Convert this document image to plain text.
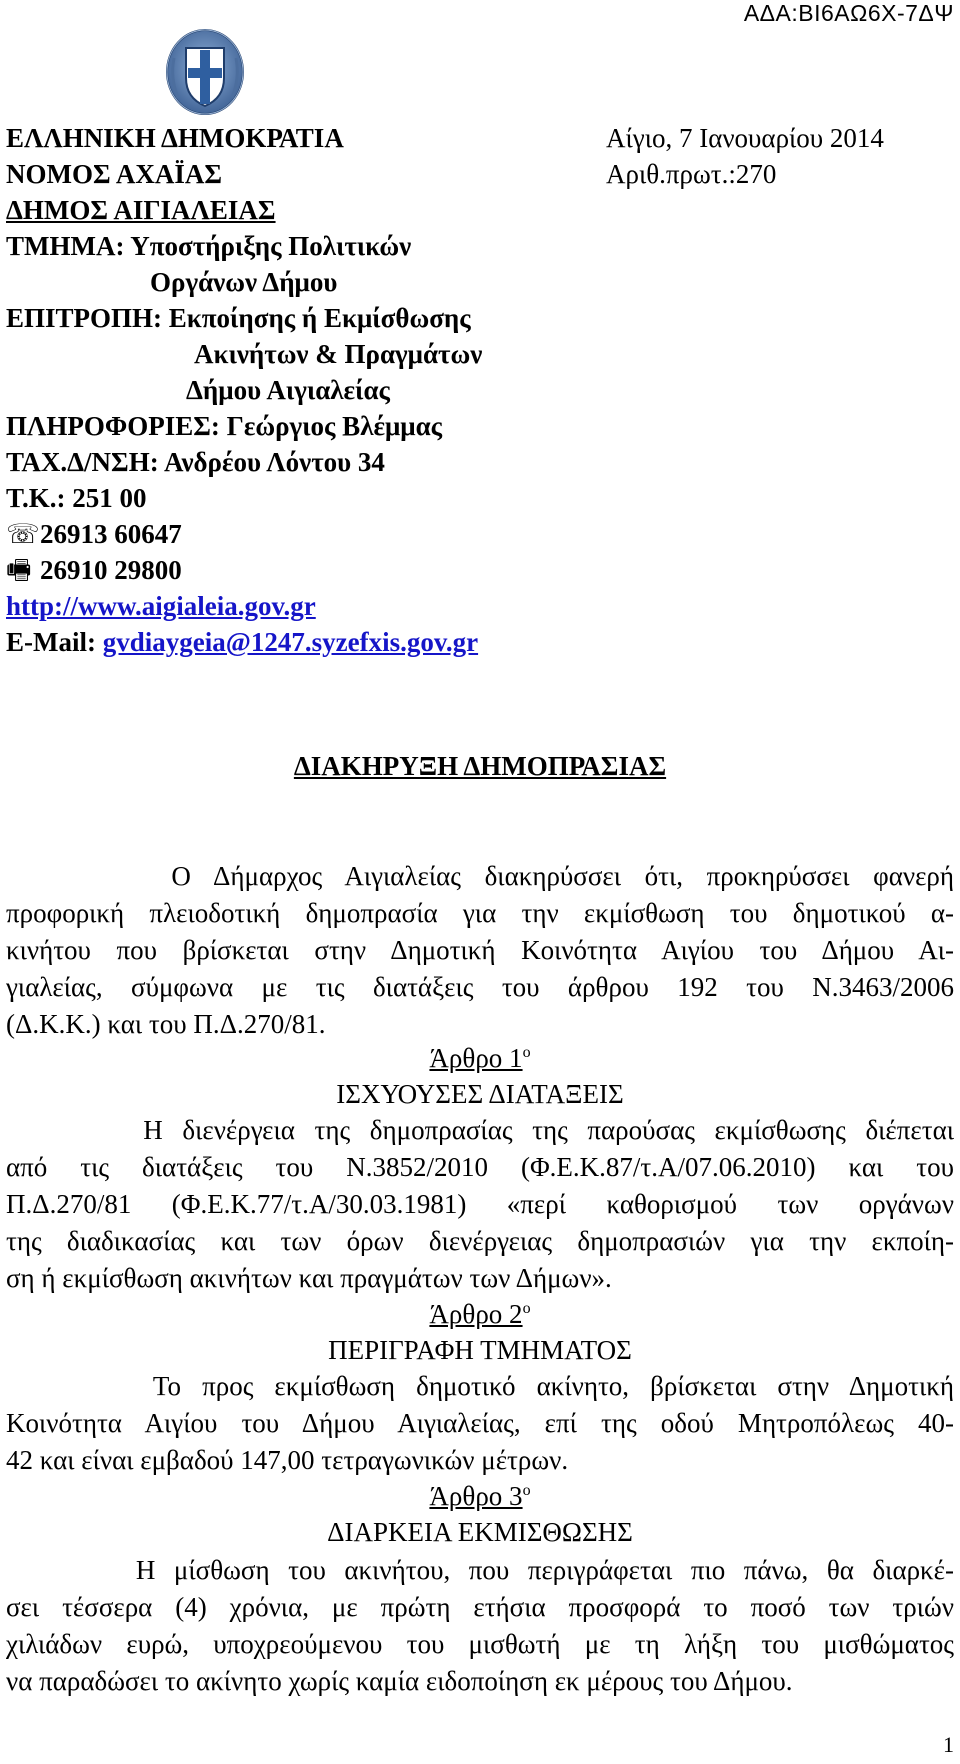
ΑΔΑ:ΒΙ6ΑΩ6Χ-7ΔΨ
ΕΛΛΗΝΙΚΗ ΔΗΜΟΚΡΑΤΙΑ
ΝΟΜΟΣ ΑΧΑΪΑΣ
ΔΗΜΟΣ ΑΙΓΙΑΛΕΙΑΣ
ΤΜΗΜΑ: Υποστήριξης Πολιτικών
Οργάνων Δήμου
ΕΠΙΤΡΟΠΗ: Εκποίησης ή Εκμίσθωσης
Ακινήτων & Πραγμάτων
Δήμου Αιγιαλείας
ΠΛΗΡΟΦΟΡΙΕΣ: Γεώργιος Βλέμμας
ΤΑΧ.Δ/ΝΣΗ: Ανδρέου Λόντου 34
Τ.Κ.: 251 00
☏26913 60647
🖷 26910 29800
http://www.aigialeia.gov.gr
E-Mail: gvdiaygeia@1247.syzefxis.gov.gr
Αίγιο, 7 Ιανουαρίου 2014
Αριθ.πρωτ.:270
ΔΙΑΚΗΡΥΞΗ ΔΗΜΟΠΡΑΣΙΑΣ
Ο Δήμαρχος Αιγιαλείας διακηρύσσει ότι, προκηρύσσει φανερή
προφορική πλειοδοτική δημοπρασία για την εκμίσθωση του δημοτικού α-
κινήτου που βρίσκεται στην Δημοτική Κοινότητα Αιγίου του Δήμου Αι-
γιαλείας, σύμφωνα με τις διατάξεις του άρθρου 192 του Ν.3463/2006
(Δ.Κ.Κ.) και του Π.Δ.270/81.
Άρθρο $1^o$
ΙΣΧΥΟΥΣΕΣ ΔΙΑΤΑΞΕΙΣ
Η διενέργεια της δημοπρασίας της παρούσας εκμίσθωσης διέπεται
από τις διατάξεις του Ν.3852/2010 (Φ.Ε.Κ.87/τ.Α/07.06.2010) και του
Π.Δ.270/81 (Φ.Ε.Κ.77/τ.Α/30.03.1981) «περί καθορισμού των οργάνων
της διαδικασίας και των όρων διενέργειας δημοπρασιών για την εκποίη-
ση ή εκμίσθωση ακινήτων και πραγμάτων των Δήμων».
Άρθρο $2^o$
ΠΕΡΙΓΡΑΦΗ ΤΜΗΜΑΤΟΣ
Το προς εκμίσθωση δημοτικό ακίνητο, βρίσκεται στην Δημοτική
Κοινότητα Αιγίου του Δήμου Αιγιαλείας, επί της οδού Μητροπόλεως 40-
42 και είναι εμβαδού 147,00 τετραγωνικών μέτρων.
Άρθρο $3^o$
ΔΙΑΡΚΕΙΑ ΕΚΜΙΣΘΩΣΗΣ
Η μίσθωση του ακινήτου, που περιγράφεται πιο πάνω, θα διαρκέ-
σει τέσσερα (4) χρόνια, με πρώτη ετήσια προσφορά το ποσό των τριών
χιλιάδων ευρώ, υποχρεούμενου του μισθωτή με τη λήξη του μισθώματος
να παραδώσει το ακίνητο χωρίς καμία ειδοποίηση εκ μέρους του Δήμου.
1
